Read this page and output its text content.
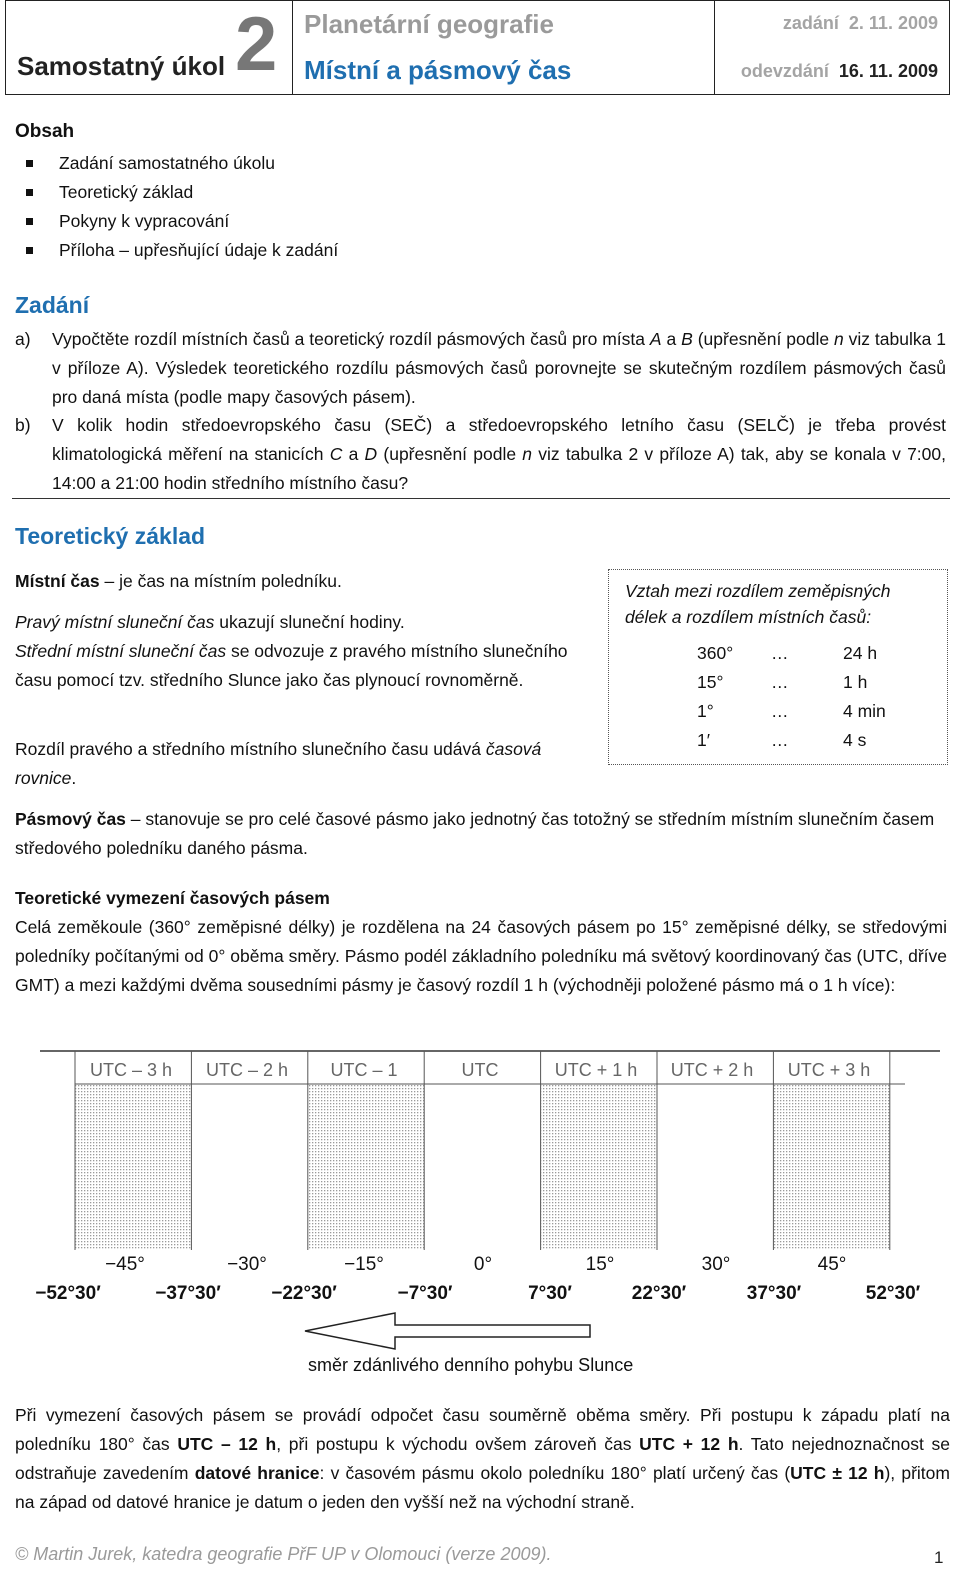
Samostatný úkol 2 Planetární geografie
Místní a pásmový čas
zadání 2. 11. 2009
odevzdání 16. 11. 2009
Obsah
Zadání samostatného úkolu
Teoretický základ
Pokyny k vypracování
Příloha – upřesňující údaje k zadání
Zadání
a) Vypočtěte rozdíl místních časů a teoretický rozdíl pásmových časů pro místa A a B (upřesnění podle n viz tabulka 1 v příloze A). Výsledek teoretického rozdílu pásmových časů porovnejte se skutečným rozdílem pásmových časů pro daná místa (podle mapy časových pásem).
b) V kolik hodin středoevropského času (SEČ) a středoevropského letního času (SELČ) je třeba provést klimatologická měření na stanicích C a D (upřesnění podle n viz tabulka 2 v příloze A) tak, aby se konala v 7:00, 14:00 a 21:00 hodin středního místního času?
Teoretický základ
Místní čas – je čas na místním poledníku.
Pravý místní sluneční čas ukazují sluneční hodiny.
Střední místní sluneční čas se odvozuje z pravého místního slunečního času pomocí tzv. středního Slunce jako čas plynoucí rovnoměrně.
Rozdíl pravého a středního místního slunečního času udává časová rovnice.
Vztah mezi rozdílem zeměpisných délek a rozdílem místních časů:
360° …	24 h
15°	…	1 h
1°	…	4 min
1′	…	4 s
Pásmový čas – stanovuje se pro celé časové pásmo jako jednotný čas totožný se středním místním slunečním časem středového poledníku daného pásma.
Teoretické vymezení časových pásem
Celá zeměkoule (360° zeměpisné délky) je rozdělena na 24 časových pásem po 15° zeměpisné délky, se středovými poledníky počítanými od 0° oběma směry. Pásmo podél základního poledníku má světový koordinovaný čas (UTC, dříve GMT) a mezi každými dvěma sousedními pásmy je časový rozdíl 1 h (východněji položené pásmo má o 1 h více):
UTC – 3 h	UTC – 2 h	UTC – 1	UTC	UTC + 1 h	UTC + 2 h	UTC + 3 h
−45°	−30°	−15°	0°	15°	30°	45°
−52°30′	−37°30′	−22°30′	−7°30′	7°30′	22°30′	37°30′	52°30′
směr zdánlivého denního pohybu Slunce
Při vymezení časových pásem se provádí odpočet času souměrně oběma směry. Při postupu k západu platí na poledníku 180° čas UTC – 12 h, při postupu k východu ovšem zároveň čas UTC + 12 h. Tato nejednoznačnost se odstraňuje zavedením datové hranice: v časovém pásmu okolo poledníku 180° platí určený čas (UTC ± 12 h), přitom na západ od datové hranice je datum o jeden den vyšší než na východní straně.
© Martin Jurek, katedra geografie PřF UP v Olomouci (verze 2009).	1
